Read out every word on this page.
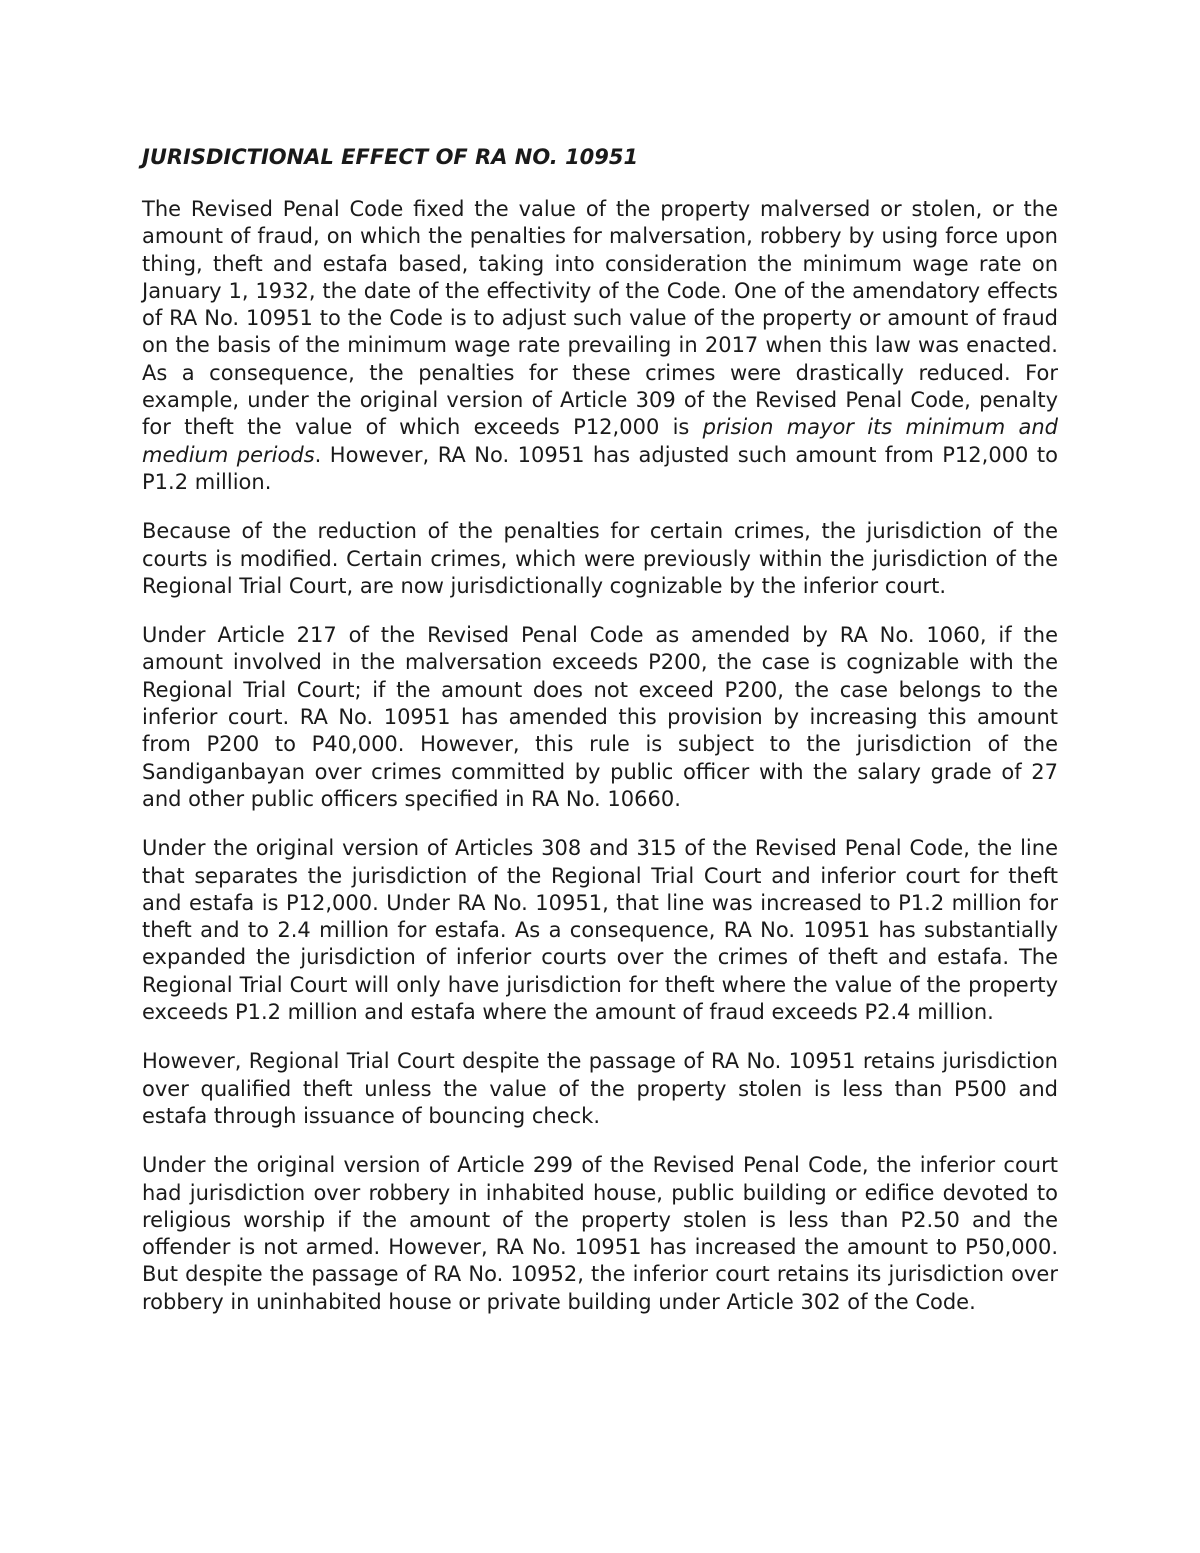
JURISDICTIONAL EFFECT OF RA NO. 10951

The Revised Penal Code fixed the value of the property malversed or stolen, or the amount of fraud, on which the penalties for malversation, robbery by using force upon thing, theft and estafa based, taking into consideration the minimum wage rate on January 1, 1932, the date of the effectivity of the Code. One of the amendatory effects of RA No. 10951 to the Code is to adjust such value of the property or amount of fraud on the basis of the minimum wage rate prevailing in 2017 when this law was enacted. As a consequence, the penalties for these crimes were drastically reduced. For example, under the original version of Article 309 of the Revised Penal Code, penalty for theft the value of which exceeds P12,000 is prision mayor its minimum and medium periods. However, RA No. 10951 has adjusted such amount from P12,000 to P1.2 million.

Because of the reduction of the penalties for certain crimes, the jurisdiction of the courts is modified. Certain crimes, which were previously within the jurisdiction of the Regional Trial Court, are now jurisdictionally cognizable by the inferior court.

Under Article 217 of the Revised Penal Code as amended by RA No. 1060, if the amount involved in the malversation exceeds P200, the case is cognizable with the Regional Trial Court; if the amount does not exceed P200, the case belongs to the inferior court. RA No. 10951 has amended this provision by increasing this amount from P200 to P40,000. However, this rule is subject to the jurisdiction of the Sandiganbayan over crimes committed by public officer with the salary grade of 27 and other public officers specified in RA No. 10660.

Under the original version of Articles 308 and 315 of the Revised Penal Code, the line that separates the jurisdiction of the Regional Trial Court and inferior court for theft and estafa is P12,000. Under RA No. 10951, that line was increased to P1.2 million for theft and to 2.4 million for estafa. As a consequence, RA No. 10951 has substantially expanded the jurisdiction of inferior courts over the crimes of theft and estafa. The Regional Trial Court will only have jurisdiction for theft where the value of the property exceeds P1.2 million and estafa where the amount of fraud exceeds P2.4 million.

However, Regional Trial Court despite the passage of RA No. 10951 retains jurisdiction over qualified theft unless the value of the property stolen is less than P500 and estafa through issuance of bouncing check.

Under the original version of Article 299 of the Revised Penal Code, the inferior court had jurisdiction over robbery in inhabited house, public building or edifice devoted to religious worship if the amount of the property stolen is less than P2.50 and the offender is not armed. However, RA No. 10951 has increased the amount to P50,000. But despite the passage of RA No. 10952, the inferior court retains its jurisdiction over robbery in uninhabited house or private building under Article 302 of the Code.
